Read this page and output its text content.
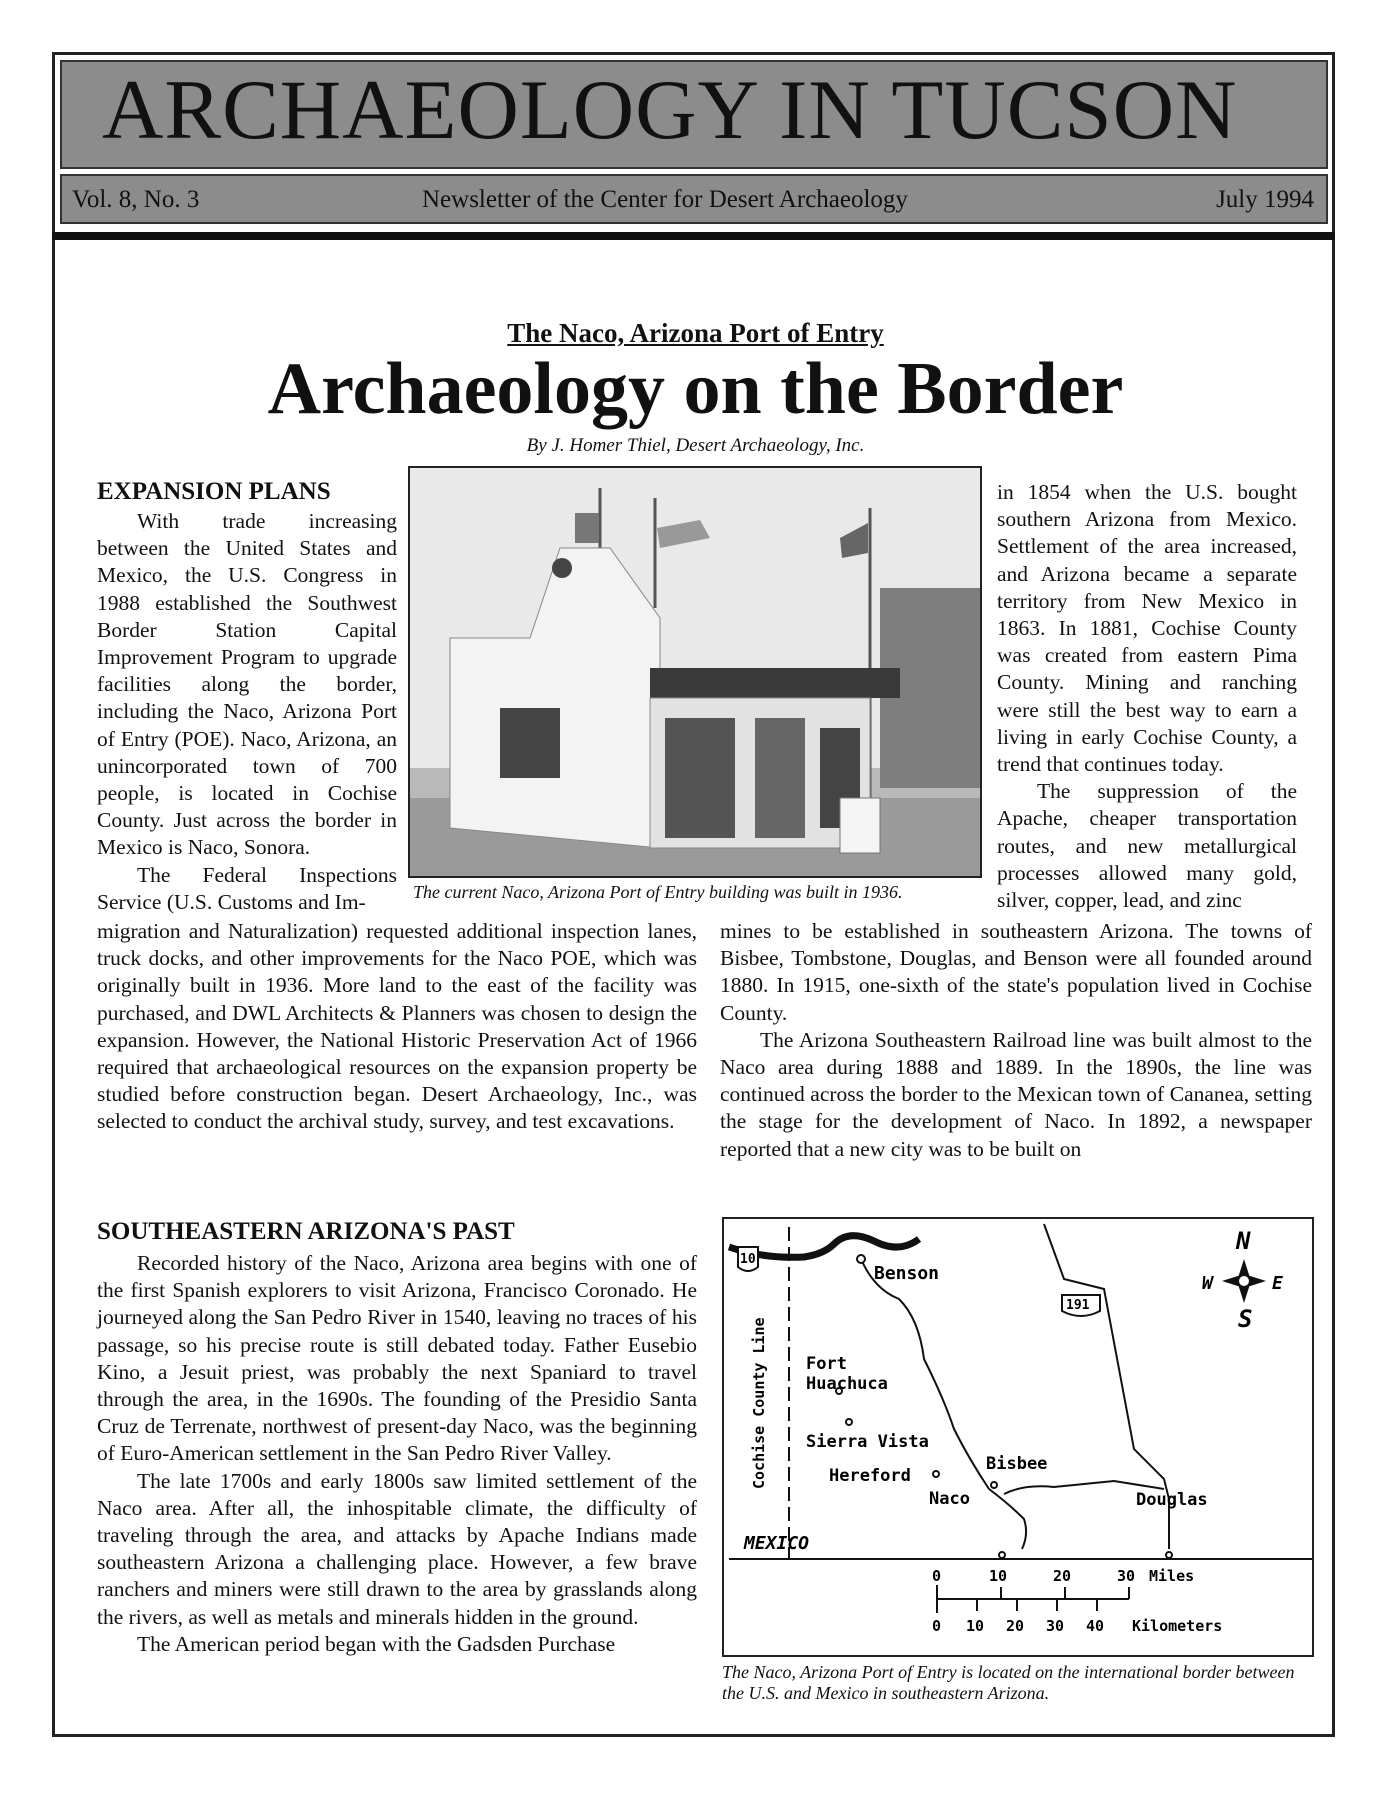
ARCHAEOLOGY IN TUCSON
Vol. 8, No. 3	Newsletter of the Center for Desert Archaeology	July 1994
The Naco, Arizona Port of Entry
Archaeology on the Border
By J. Homer Thiel, Desert Archaeology, Inc.
EXPANSION PLANS

With trade increasing between the United States and Mexico, the U.S. Congress in 1988 established the Southwest Border Station Capital Improvement Program to upgrade facilities along the border, including the Naco, Arizona Port of Entry (POE). Naco, Arizona, an unincorporated town of 700 people, is located in Cochise County. Just across the border in Mexico is Naco, Sonora.

The Federal Inspections Service (U.S. Customs and Im-

migration and Naturalization) requested additional inspection lanes, truck docks, and other improvements for the Naco POE, which was originally built in 1936. More land to the east of the facility was purchased, and DWL Architects & Planners was chosen to design the expansion. However, the National Historic Preservation Act of 1966 required that archaeological resources on the expansion property be studied before construction began. Desert Archaeology, Inc., was selected to conduct the archival study, survey, and test excavations.

The current Naco, Arizona Port of Entry building was built in 1936.

in 1854 when the U.S. bought southern Arizona from Mexico. Settlement of the area increased, and Arizona became a separate territory from New Mexico in 1863. In 1881, Cochise County was created from eastern Pima County. Mining and ranching were still the best way to earn a living in early Cochise County, a trend that continues today.

The suppression of the Apache, cheaper transportation routes, and new metallurgical processes allowed many gold, silver, copper, lead, and zinc

mines to be established in southeastern Arizona. The towns of Bisbee, Tombstone, Douglas, and Benson were all founded around 1880. In 1915, one-sixth of the state's population lived in Cochise County.

The Arizona Southeastern Railroad line was built almost to the Naco area during 1888 and 1889. In the 1890s, the line was continued across the border to the Mexican town of Cananea, setting the stage for the development of Naco. In 1892, a newspaper reported that a new city was to be built on

SOUTHEASTERN ARIZONA'S PAST

Recorded history of the Naco, Arizona area begins with one of the first Spanish explorers to visit Arizona, Francisco Coronado. He journeyed along the San Pedro River in 1540, leaving no traces of his passage, so his precise route is still debated today. Father Eusebio Kino, a Jesuit priest, was probably the next Spaniard to travel through the area, in the 1690s. The founding of the Presidio Santa Cruz de Terrenate, northwest of present-day Naco, was the beginning of Euro-American settlement in the San Pedro River Valley.

The late 1700s and early 1800s saw limited settlement of the Naco area. After all, the inhospitable climate, the difficulty of traveling through the area, and attacks by Apache Indians made southeastern Arizona a challenging place. However, a few brave ranchers and miners were still drawn to the area by grasslands along the rivers, as well as metals and minerals hidden in the ground.

The American period began with the Gadsden Purchase

Benson
Fort
Huachuca
Sierra Vista
Hereford
Bisbee
Naco	Douglas
MEXICO
Cochise County Line
10
191
N
S
E
W
0	10	20	30 Miles
0 10 20 30 40 Kilometers
The Naco, Arizona Port of Entry is located on the international border between the U.S. and Mexico in southeastern Arizona.
